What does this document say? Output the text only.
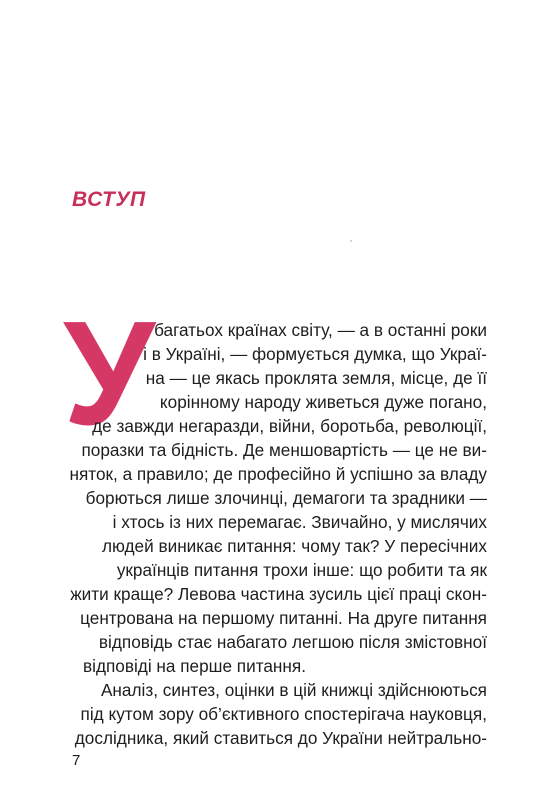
ВСТУП
У багатьох країнах світу, — а в останні роки

і в Україні, — формується думка, що Украï-

на — це якась проклята земля, місце, де її

корінному народу живеться дуже погано,

де завжди негаразди, війни, боротьба, революції,

поразки та бідність. Де меншовартість — це не ви-

няток, а правило; де професійно й успішно за владу

борються лише злочинці, демагоги та зрадники —

і хтось із них перемагає. Звичайно, у мислячих

людей виникає питання: чому так? У пересічних

українців питання трохи інше: що робити та як

жити краще? Левова частина зусиль цієї праці скон-

центрована на першому питанні. На друге питання

відповідь стає набагато легшою після змістовної

відповіді на перше питання.

Аналіз, синтез, оцінки в цій книжці здійснюються

під кутом зору об’єктивного спостерігача науковця,

дослідника, який ставиться до України нейтрально-

7
